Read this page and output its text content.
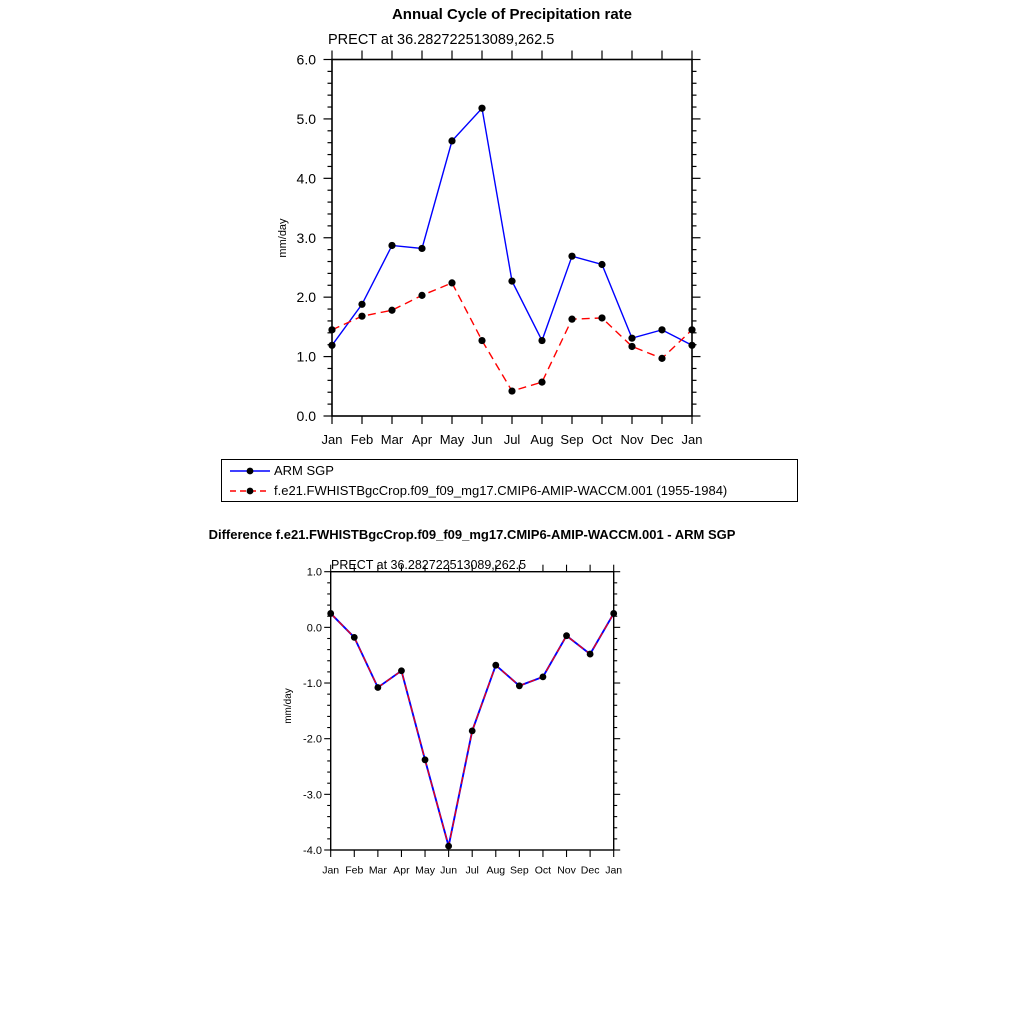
Annual Cycle of Precipitation rate
PRECT at 36.282722513089,262.5
0.0
1.0
2.0
3.0
4.0
5.0
6.0
Jan Feb Mar Apr May Jun Jul Aug Sep Oct Nov Dec Jan
mm/day
-4.0
-3.0
-2.0
-1.0
0.0
1.0
Jan Feb Mar Apr May Jun Jul Aug Sep Oct Nov Dec Jan
mm/day
ARM SGP
f.e21.FWHISTBgcCrop.f09_f09_mg17.CMIP6-AMIP-WACCM.001 (1955-1984)
Difference f.e21.FWHISTBgcCrop.f09_f09_mg17.CMIP6-AMIP-WACCM.001 - ARM SGP
PRECT at 36.282722513089,262.5
